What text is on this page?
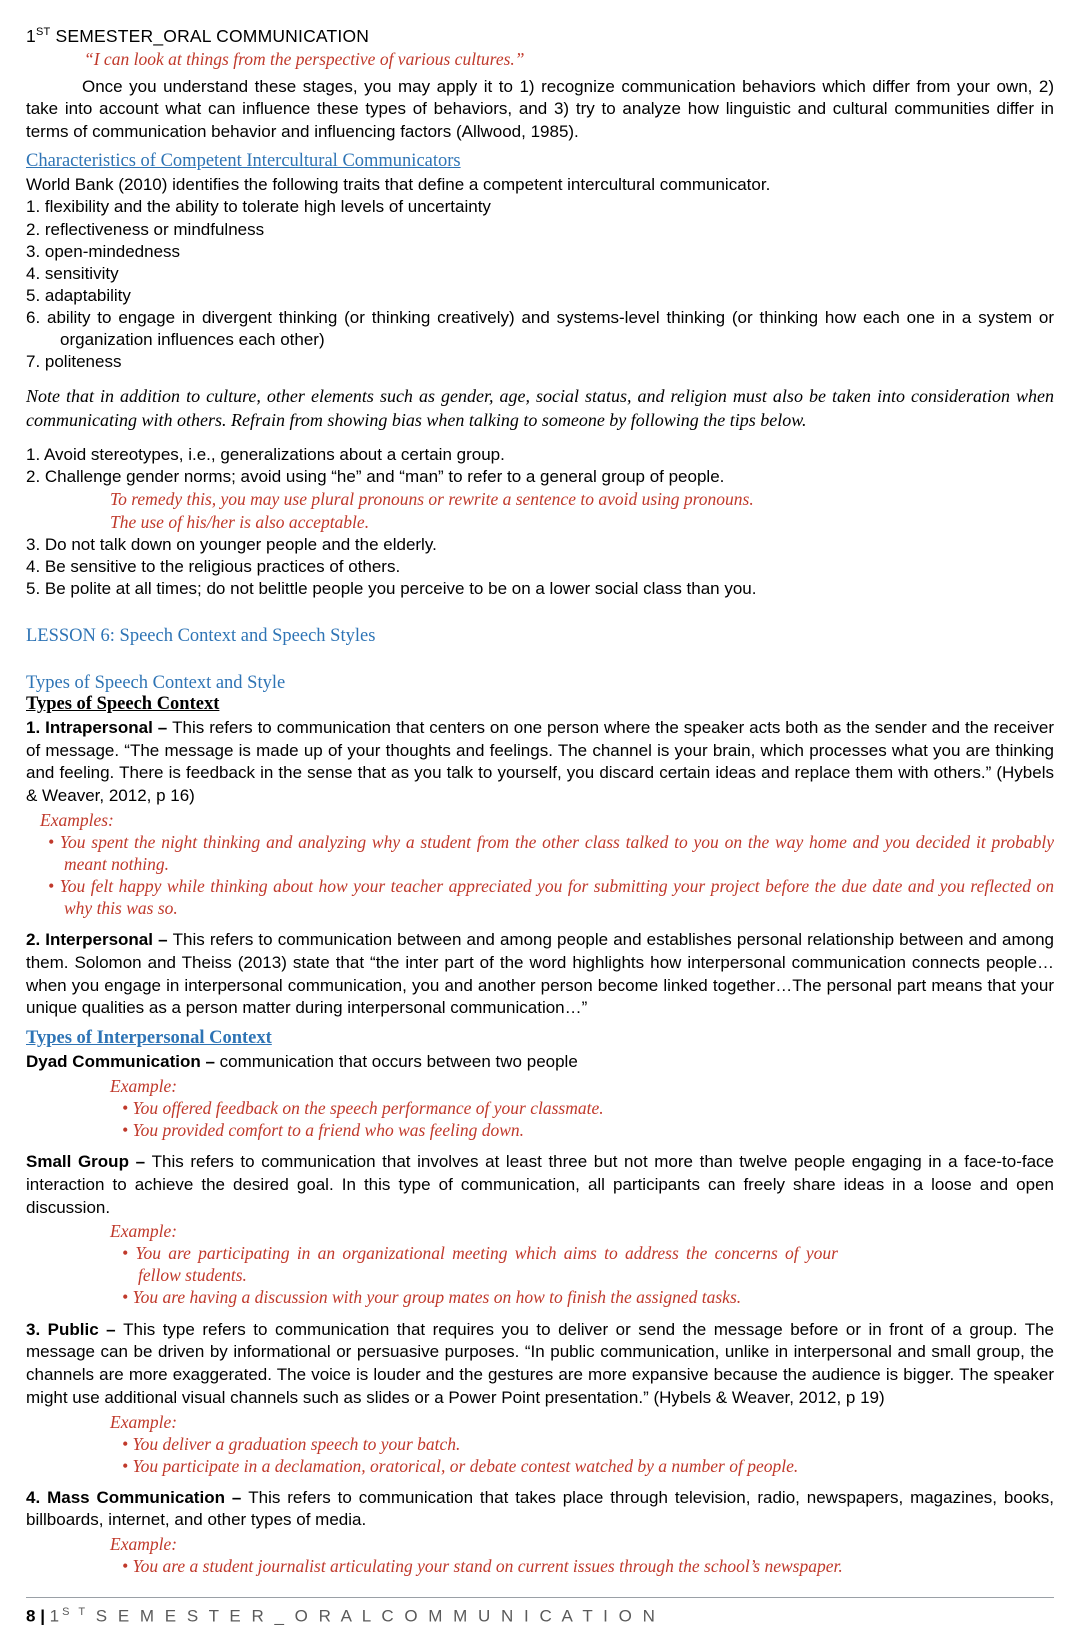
1ST SEMESTER_ORAL COMMUNICATION
“I can look at things from the perspective of various cultures.”

Once you understand these stages, you may apply it to 1) recognize communication behaviors which differ from your own, 2) take into account what can influence these types of behaviors, and 3) try to analyze how linguistic and cultural communities differ in terms of communication behavior and influencing factors (Allwood, 1985).

Characteristics of Competent Intercultural Communicators

World Bank (2010) identifies the following traits that define a competent intercultural communicator.

1. flexibility and the ability to tolerate high levels of uncertainty

2. reflectiveness or mindfulness

3. open-mindedness

4. sensitivity

5. adaptability

6. ability to engage in divergent thinking (or thinking creatively) and systems-level thinking (or thinking how each one in a system or organization influences each other)

7. politeness

Note that in addition to culture, other elements such as gender, age, social status, and religion must also be taken into consideration when communicating with others. Refrain from showing bias when talking to someone by following the tips below.

1. Avoid stereotypes, i.e., generalizations about a certain group.

2. Challenge gender norms; avoid using “he” and “man” to refer to a general group of people.

To remedy this, you may use plural pronouns or rewrite a sentence to avoid using pronouns.

The use of his/her is also acceptable.

3. Do not talk down on younger people and the elderly.

4. Be sensitive to the religious practices of others.

5. Be polite at all times; do not belittle people you perceive to be on a lower social class than you.

LESSON 6: Speech Context and Speech Styles
Types of Speech Context and Style
Types of Speech Context

1. Intrapersonal – This refers to communication that centers on one person where the speaker acts both as the sender and the receiver of message. “The message is made up of your thoughts and feelings. The channel is your brain, which processes what you are thinking and feeling. There is feedback in the sense that as you talk to yourself, you discard certain ideas and replace them with others.” (Hybels & Weaver, 2012, p 16)

Examples:

• You spent the night thinking and analyzing why a student from the other class talked to you on the way home and you decided it probably meant nothing.

• You felt happy while thinking about how your teacher appreciated you for submitting your project before the due date and you reflected on why this was so.

2. Interpersonal – This refers to communication between and among people and establishes personal relationship between and among them. Solomon and Theiss (2013) state that “the inter part of the word highlights how interpersonal communication connects people… when you engage in interpersonal communication, you and another person become linked together…The personal part means that your unique qualities as a person matter during interpersonal communication…”

Types of Interpersonal Context

Dyad Communication – communication that occurs between two people

Example:

• You offered feedback on the speech performance of your classmate.

• You provided comfort to a friend who was feeling down.

Small Group – This refers to communication that involves at least three but not more than twelve people engaging in a face-to-face interaction to achieve the desired goal. In this type of communication, all participants can freely share ideas in a loose and open discussion.

Example:

• You are participating in an organizational meeting which aims to address the concerns of your fellow students.

• You are having a discussion with your group mates on how to finish the assigned tasks.

3. Public – This type refers to communication that requires you to deliver or send the message before or in front of a group. The message can be driven by informational or persuasive purposes. “In public communication, unlike in interpersonal and small group, the channels are more exaggerated. The voice is louder and the gestures are more expansive because the audience is bigger. The speaker might use additional visual channels such as slides or a Power Point presentation.” (Hybels & Weaver, 2012, p 19)

Example:

• You deliver a graduation speech to your batch.

• You participate in a declamation, oratorical, or debate contest watched by a number of people.

4. Mass Communication – This refers to communication that takes place through television, radio, newspapers, magazines, books, billboards, internet, and other types of media.

Example:

• You are a student journalist articulating your stand on current issues through the school’s newspaper.

8 | $1^{S T}$ S E M E S T E R _ O R A L C O M M U N I C A T I O N
